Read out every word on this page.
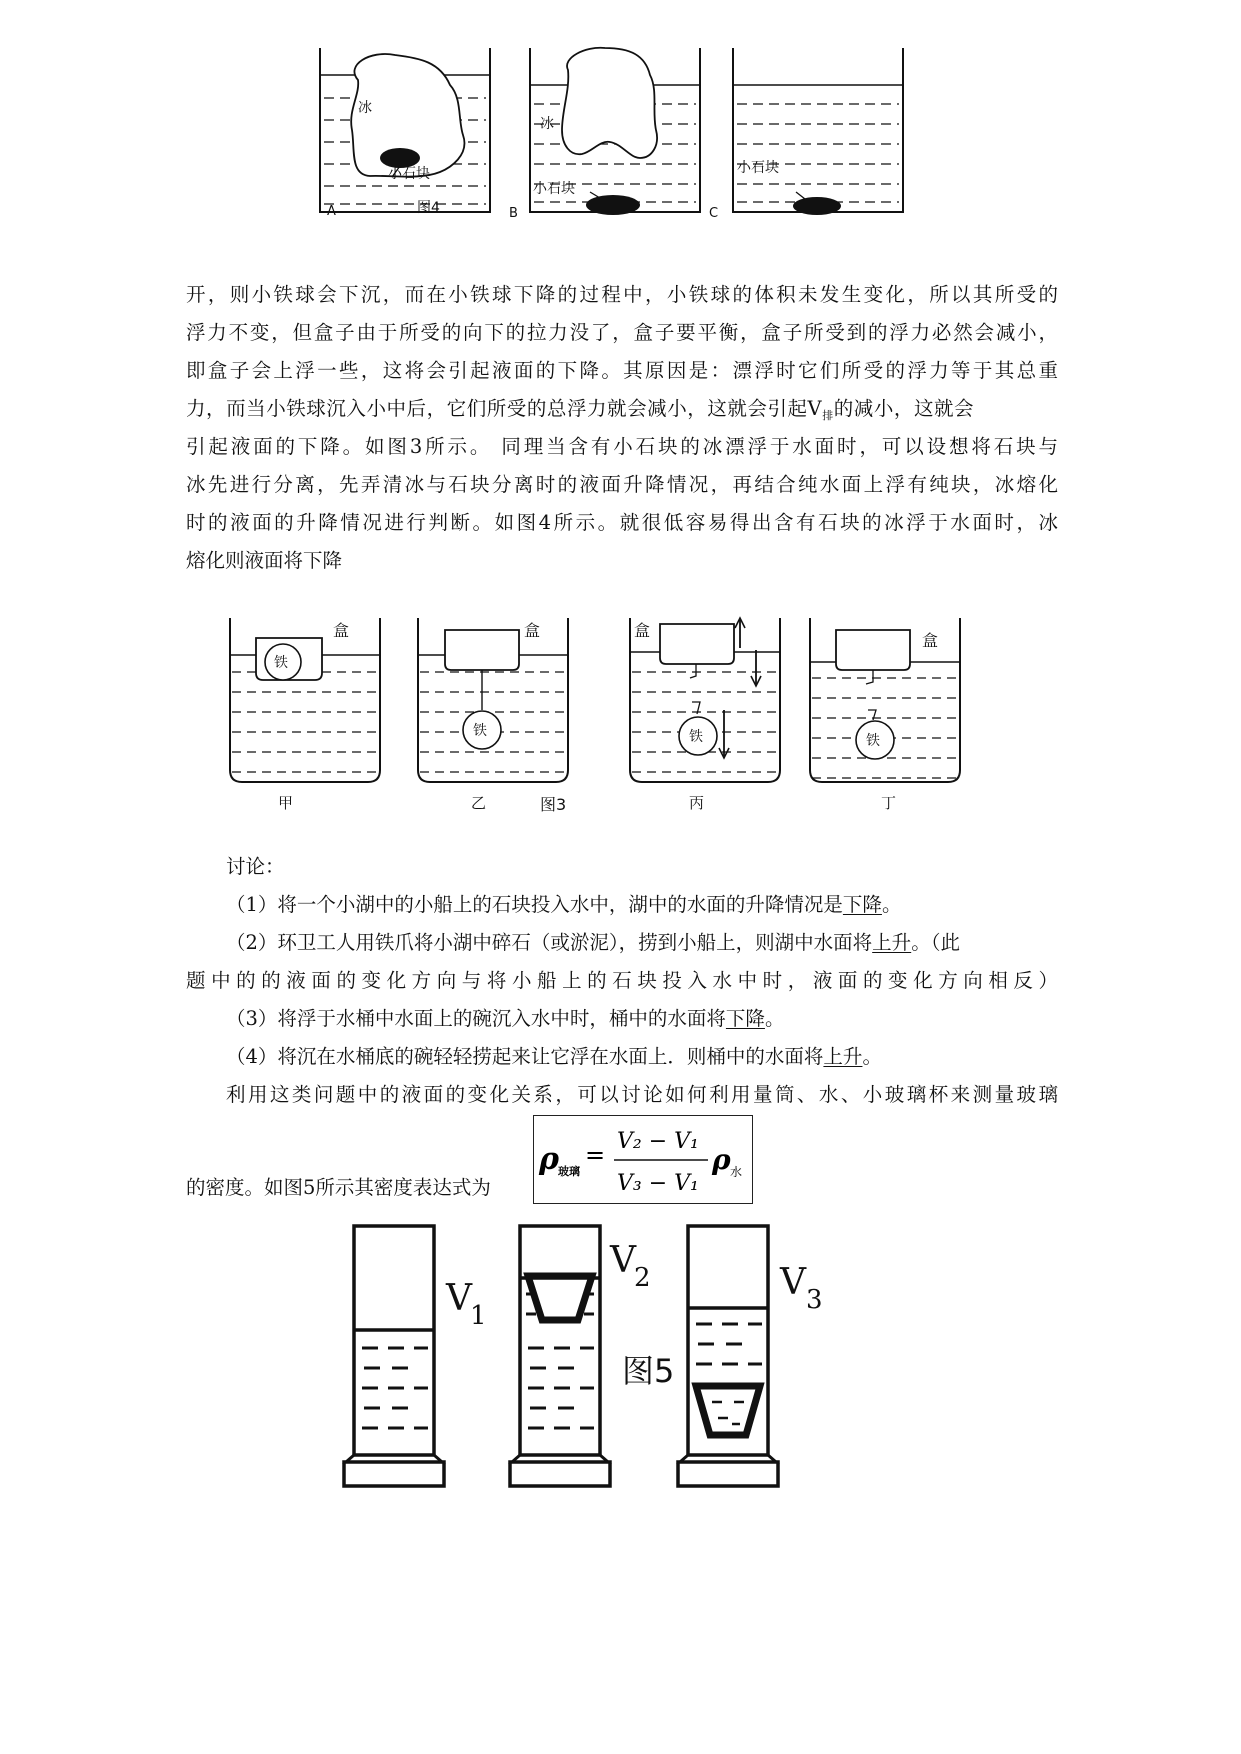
冰
小石块
A	图4
冰
小石块
B
小石块
C
开，则小铁球会下沉，而在小铁球下降的过程中，小铁球的体积未发生变化，所以其所受的
浮力不变，但盒子由于所受的向下的拉力没了，盒子要平衡，盒子所受到的浮力必然会减小，
即盒子会上浮一些，这将会引起液面的下降。其原因是：漂浮时它们所受的浮力等于其总重
力，而当小铁球沉入小中后，它们所受的总浮力就会减小，这就会引起$V_排$的减小，这就会
引起液面的下降。如图3所示。 同理当含有小石块的冰漂浮于水面时，可以设想将石块与
冰先进行分离，先弄清冰与石块分离时的液面升降情况，再结合纯水面上浮有纯块，冰熔化
时的液面的升降情况进行判断。如图4所示。就很低容易得出含有石块的冰浮于水面时，冰
熔化则液面将下降
铁
盒
甲
铁
盒
乙	图3
铁
盒
丙
铁
盒
丁
讨论：
（1）将一个小湖中的小船上的石块投入水中，湖中的水面的升降情况是下降。
（2）环卫工人用铁爪将小湖中碎石（或淤泥），捞到小船上，则湖中水面将上升。（此
题中的的液面的变化方向与将小船上的石块投入水中时，液面的变化方向相反）
（3）将浮于水桶中水面上的碗沉入水中时，桶中的水面将下降。
（4）将沉在水桶底的碗轻轻捞起来让它浮在水面上．则桶中的水面将上升。
利用这类问题中的液面的变化关系，可以讨论如何利用量筒、水、小玻璃杯来测量玻璃
的密度。如图5所示其密度表达式为
ρ 玻璃
= V₂ − V₁
V₃ − V₁
ρ 水
V
1
V
2	V 3
图5
